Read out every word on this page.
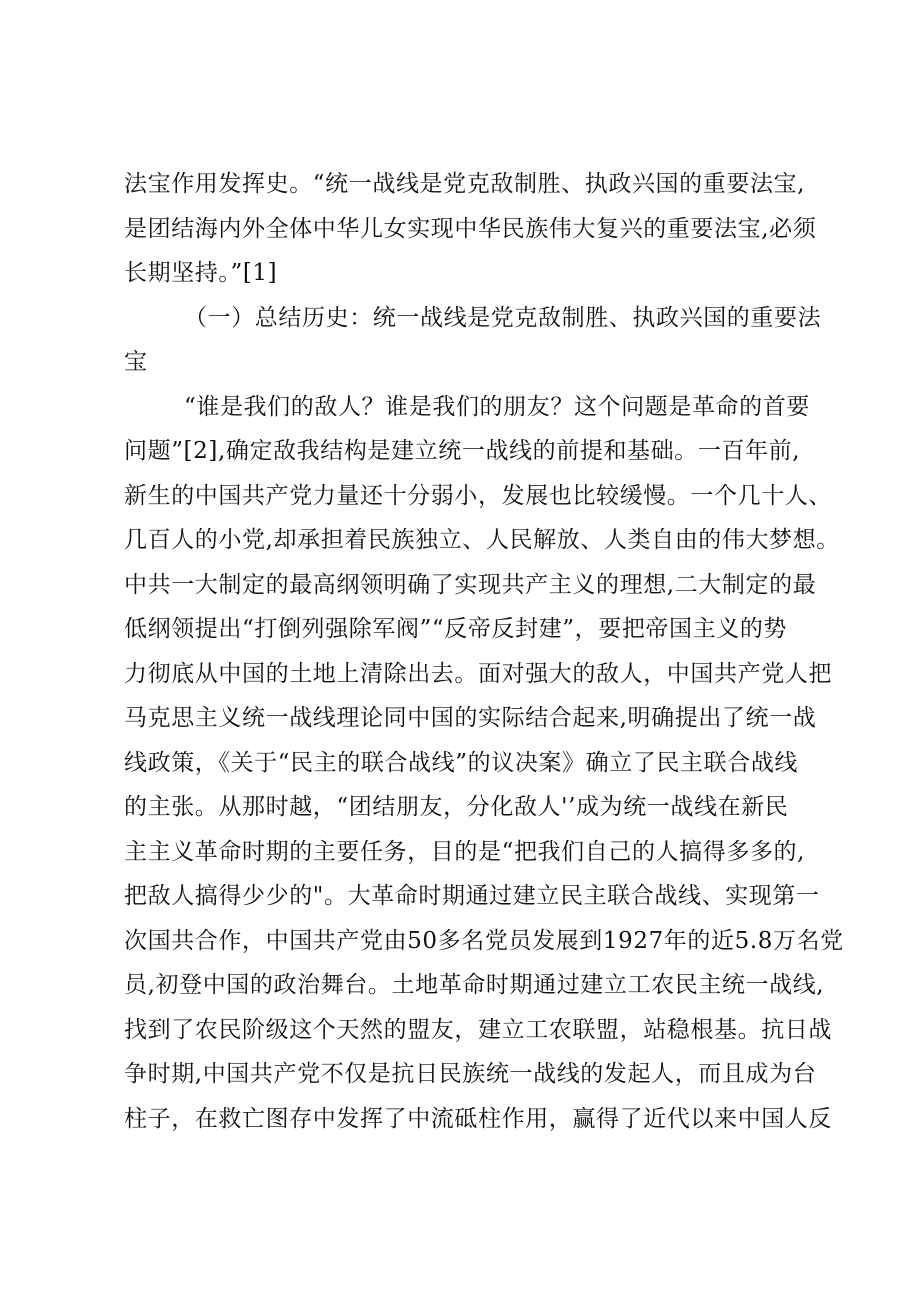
法宝作用发挥史。“统一战线是党克敌制胜、执政兴国的重要法宝,
是团结海内外全体中华儿女实现中华民族伟大复兴的重要法宝,必须
长期坚持。”[1]
（一）总结历史：统一战线是党克敌制胜、执政兴国的重要法
宝
“谁是我们的敌人？谁是我们的朋友？这个问题是革命的首要
问题”[2],确定敌我结构是建立统一战线的前提和基础。一百年前,
新生的中国共产党力量还十分弱小，发展也比较缓慢。一个几十人、
几百人的小党,却承担着民族独立、人民解放、人类自由的伟大梦想。
中共一大制定的最高纲领明确了实现共产主义的理想,二大制定的最
低纲领提出“打倒列强除军阀”“反帝反封建”，要把帝国主义的势
力彻底从中国的土地上清除出去。面对强大的敌人，中国共产党人把
马克思主义统一战线理论同中国的实际结合起来,明确提出了统一战
线政策，《关于“民主的联合战线”的议决案》确立了民主联合战线
的主张。从那时越，“团结朋友，分化敌人'’成为统一战线在新民
主主义革命时期的主要任务，目的是“把我们自己的人搞得多多的,
把敌人搞得少少的"。大革命时期通过建立民主联合战线、实现第一
次国共合作，中国共产党由50多名党员发展到1927年的近5.8万名党
员,初登中国的政治舞台。土地革命时期通过建立工农民主统一战线,
找到了农民阶级这个天然的盟友，建立工农联盟，站稳根基。抗日战
争时期,中国共产党不仅是抗日民族统一战线的发起人，而且成为台
柱子，在救亡图存中发挥了中流砥柱作用，赢得了近代以来中国人反
